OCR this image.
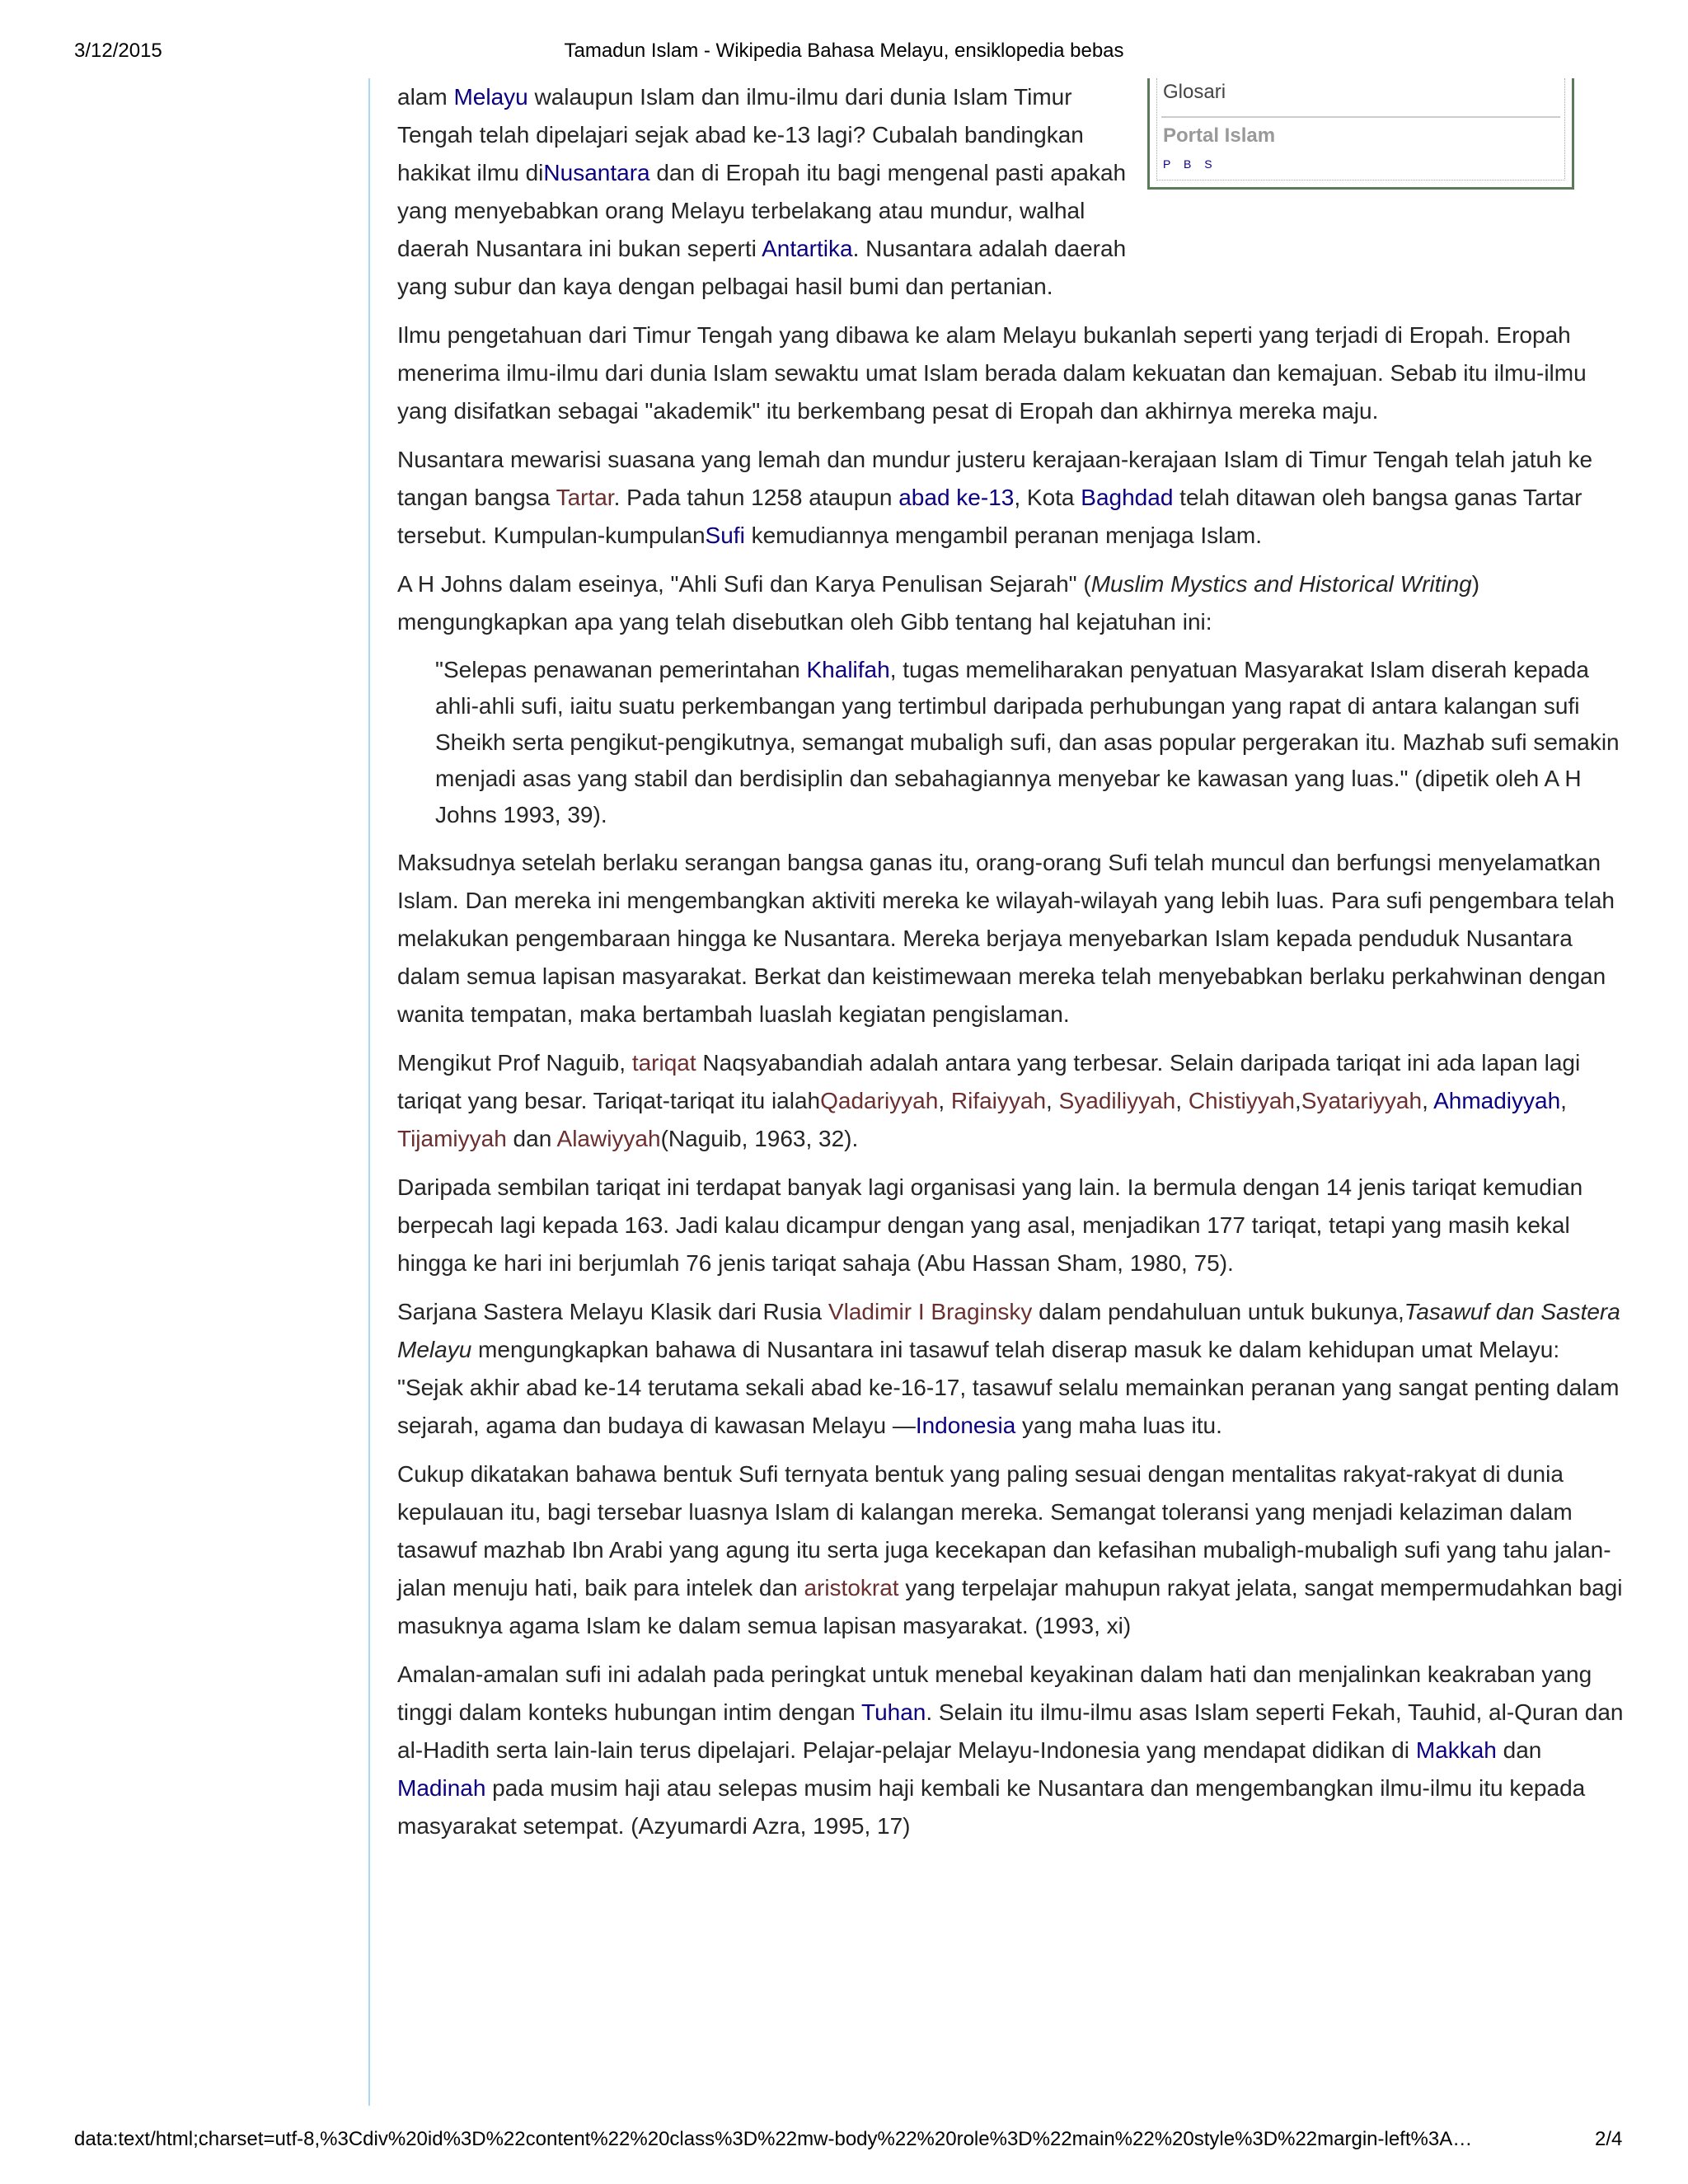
3/12/2015	Tamadun Islam - Wikipedia Bahasa Melayu, ensiklopedia bebas
Glosari
Portal Islam
P B S

alam Melayu walaupun Islam dan ilmu-ilmu dari dunia Islam Timur Tengah telah dipelajari sejak abad ke-13 lagi? Cubalah bandingkan hakikat ilmu diNusantara dan di Eropah itu bagi mengenal pasti apakah yang menyebabkan orang Melayu terbelakang atau mundur, walhal daerah Nusantara ini bukan seperti Antartika. Nusantara adalah daerah yang subur dan kaya dengan pelbagai hasil bumi dan pertanian.

Ilmu pengetahuan dari Timur Tengah yang dibawa ke alam Melayu bukanlah seperti yang terjadi di Eropah. Eropah menerima ilmu-ilmu dari dunia Islam sewaktu umat Islam berada dalam kekuatan dan kemajuan. Sebab itu ilmu-ilmu yang disifatkan sebagai "akademik" itu berkembang pesat di Eropah dan akhirnya mereka maju.

Nusantara mewarisi suasana yang lemah dan mundur justeru kerajaan-kerajaan Islam di Timur Tengah telah jatuh ke tangan bangsa Tartar. Pada tahun 1258 ataupun abad ke-13, Kota Baghdad telah ditawan oleh bangsa ganas Tartar tersebut. Kumpulan-kumpulanSufi kemudiannya mengambil peranan menjaga Islam.

A H Johns dalam eseinya, "Ahli Sufi dan Karya Penulisan Sejarah" (Muslim Mystics and Historical Writing) mengungkapkan apa yang telah disebutkan oleh Gibb tentang hal kejatuhan ini:

"Selepas penawanan pemerintahan Khalifah, tugas memeliharakan penyatuan Masyarakat Islam diserah kepada ahli-ahli sufi, iaitu suatu perkembangan yang tertimbul daripada perhubungan yang rapat di antara kalangan sufi Sheikh serta pengikut-pengikutnya, semangat mubaligh sufi, dan asas popular pergerakan itu. Mazhab sufi semakin menjadi asas yang stabil dan berdisiplin dan sebahagiannya menyebar ke kawasan yang luas." (dipetik oleh A H Johns 1993, 39).

Maksudnya setelah berlaku serangan bangsa ganas itu, orang-orang Sufi telah muncul dan berfungsi menyelamatkan Islam. Dan mereka ini mengembangkan aktiviti mereka ke wilayah-wilayah yang lebih luas. Para sufi pengembara telah melakukan pengembaraan hingga ke Nusantara. Mereka berjaya menyebarkan Islam kepada penduduk Nusantara dalam semua lapisan masyarakat. Berkat dan keistimewaan mereka telah menyebabkan berlaku perkahwinan dengan wanita tempatan, maka bertambah luaslah kegiatan pengislaman.

Mengikut Prof Naguib, tariqat Naqsyabandiah adalah antara yang terbesar. Selain daripada tariqat ini ada lapan lagi tariqat yang besar. Tariqat-tariqat itu ialahQadariyyah, Rifaiyyah, Syadiliyyah, Chistiyyah,Syatariyyah, Ahmadiyyah, Tijamiyyah dan Alawiyyah(Naguib, 1963, 32).

Daripada sembilan tariqat ini terdapat banyak lagi organisasi yang lain. Ia bermula dengan 14 jenis tariqat kemudian berpecah lagi kepada 163. Jadi kalau dicampur dengan yang asal, menjadikan 177 tariqat, tetapi yang masih kekal hingga ke hari ini berjumlah 76 jenis tariqat sahaja (Abu Hassan Sham, 1980, 75).

Sarjana Sastera Melayu Klasik dari Rusia Vladimir I Braginsky dalam pendahuluan untuk bukunya,Tasawuf dan Sastera Melayu mengungkapkan bahawa di Nusantara ini tasawuf telah diserap masuk ke dalam kehidupan umat Melayu: "Sejak akhir abad ke-14 terutama sekali abad ke-16-17, tasawuf selalu memainkan peranan yang sangat penting dalam sejarah, agama dan budaya di kawasan Melayu —Indonesia yang maha luas itu.

Cukup dikatakan bahawa bentuk Sufi ternyata bentuk yang paling sesuai dengan mentalitas rakyat-rakyat di dunia kepulauan itu, bagi tersebar luasnya Islam di kalangan mereka. Semangat toleransi yang menjadi kelaziman dalam tasawuf mazhab Ibn Arabi yang agung itu serta juga kecekapan dan kefasihan mubaligh-mubaligh sufi yang tahu jalan-jalan menuju hati, baik para intelek dan aristokrat yang terpelajar mahupun rakyat jelata, sangat mempermudahkan bagi masuknya agama Islam ke dalam semua lapisan masyarakat. (1993, xi)

Amalan-amalan sufi ini adalah pada peringkat untuk menebal keyakinan dalam hati dan menjalinkan keakraban yang tinggi dalam konteks hubungan intim dengan Tuhan. Selain itu ilmu-ilmu asas Islam seperti Fekah, Tauhid, al-Quran dan al-Hadith serta lain-lain terus dipelajari. Pelajar-pelajar Melayu-Indonesia yang mendapat didikan di Makkah dan Madinah pada musim haji atau selepas musim haji kembali ke Nusantara dan mengembangkan ilmu-ilmu itu kepada masyarakat setempat. (Azyumardi Azra, 1995, 17)

data:text/html;charset=utf-8,%3Cdiv%20id%3D%22content%22%20class%3D%22mw-body%22%20role%3D%22main%22%20style%3D%22margin-left%3A…	2/4
